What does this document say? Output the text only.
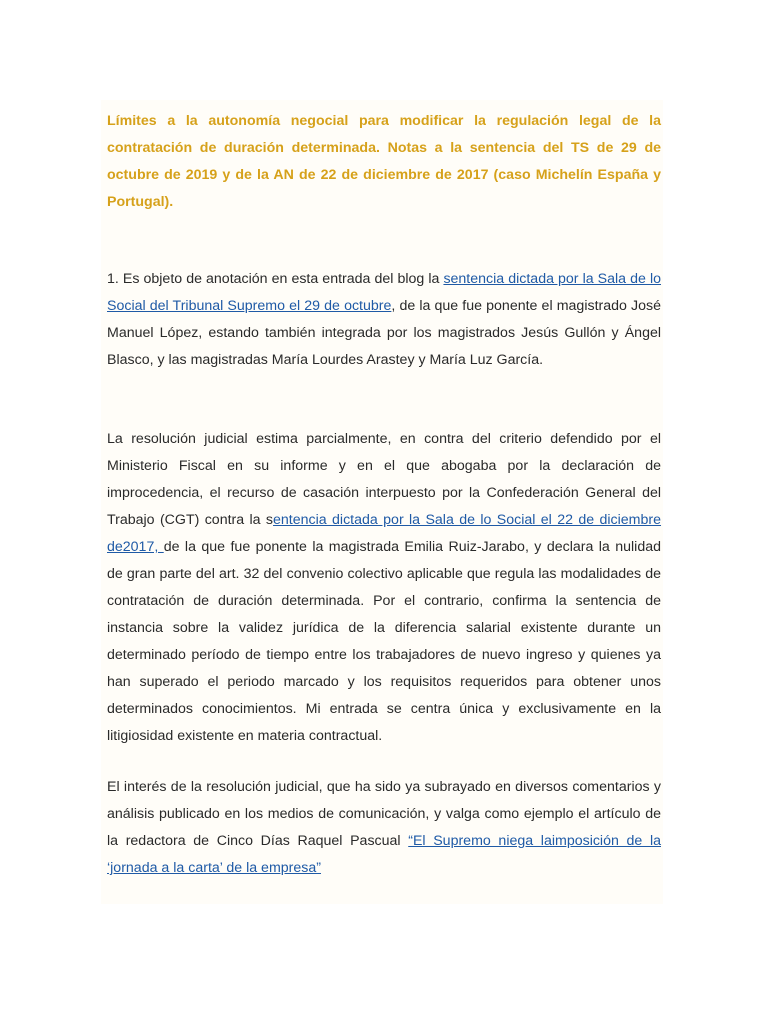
Límites a la autonomía negocial para modificar la regulación legal de la contratación de duración determinada. Notas a la sentencia del TS de 29 de octubre de 2019 y de la AN de 22 de diciembre de 2017 (caso Michelín España y Portugal).

1. Es objeto de anotación en esta entrada del blog la sentencia dictada por la Sala de lo Social del Tribunal Supremo el 29 de octubre, de la que fue ponente el magistrado José Manuel López, estando también integrada por los magistrados Jesús Gullón y Ángel Blasco, y las magistradas María Lourdes Arastey y María Luz García.

La resolución judicial estima parcialmente, en contra del criterio defendido por el Ministerio Fiscal en su informe y en el que abogaba por la declaración de improcedencia, el recurso de casación interpuesto por la Confederación General del Trabajo (CGT) contra la sentencia dictada por la Sala de lo Social el 22 de diciembre de2017, de la que fue ponente la magistrada Emilia Ruiz-Jarabo, y declara la nulidad de gran parte del art. 32 del convenio colectivo aplicable que regula las modalidades de contratación de duración determinada. Por el contrario, confirma la sentencia de instancia sobre la validez jurídica de la diferencia salarial existente durante un determinado período de tiempo entre los trabajadores de nuevo ingreso y quienes ya han superado el periodo marcado y los requisitos requeridos para obtener unos determinados conocimientos. Mi entrada se centra única y exclusivamente en la litigiosidad existente en materia contractual.

El interés de la resolución judicial, que ha sido ya subrayado en diversos comentarios y análisis publicado en los medios de comunicación, y valga como ejemplo el artículo de la redactora de Cinco Días Raquel Pascual “El Supremo niega laimposición de la ‘jornada a la carta’ de la empresa”
